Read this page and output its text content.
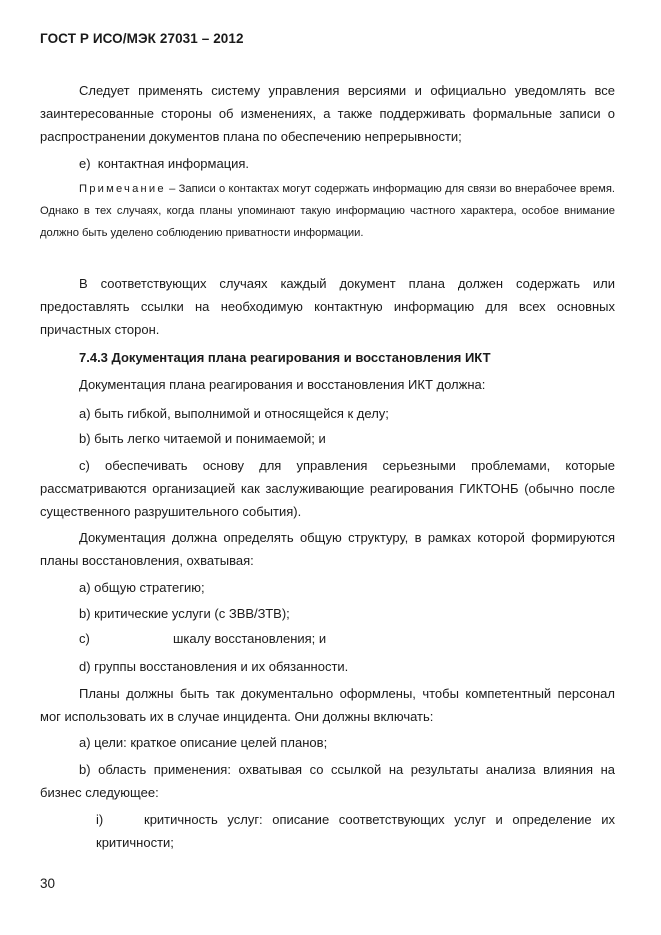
ГОСТ Р ИСО/МЭК 27031 – 2012
Следует применять систему управления версиями и официально уведомлять все заинтересованные стороны об изменениях, а также поддерживать формальные записи о распространении документов плана по обеспечению непрерывности;
e) контактная информация.
Примечание – Записи о контактах могут содержать информацию для связи во внерабочее время. Однако в тех случаях, когда планы упоминают такую информацию частного характера, особое внимание должно быть уделено соблюдению приватности информации.
В соответствующих случаях каждый документ плана должен содержать или предоставлять ссылки на необходимую контактную информацию для всех основных причастных сторон.
7.4.3 Документация плана реагирования и восстановления ИКТ
Документация плана реагирования и восстановления ИКТ должна:
a) быть гибкой, выполнимой и относящейся к делу;
b) быть легко читаемой и понимаемой; и
c) обеспечивать основу для управления серьезными проблемами, которые рассматриваются организацией как заслуживающие реагирования ГИКТОНБ (обычно после существенного разрушительного события).
Документация должна определять общую структуру, в рамках которой формируются планы восстановления, охватывая:
a) общую стратегию;
b) критические услуги (с ЗВВ/ЗТВ);
c)	шкалу восстановления; и
d) группы восстановления и их обязанности.
Планы должны быть так документально оформлены, чтобы компетентный персонал мог использовать их в случае инцидента. Они должны включать:
a) цели: краткое описание целей планов;
b) область применения: охватывая со ссылкой на результаты анализа влияния на бизнес следующее:
i)	критичность услуг: описание соответствующих услуг и определение их критичности;
30
